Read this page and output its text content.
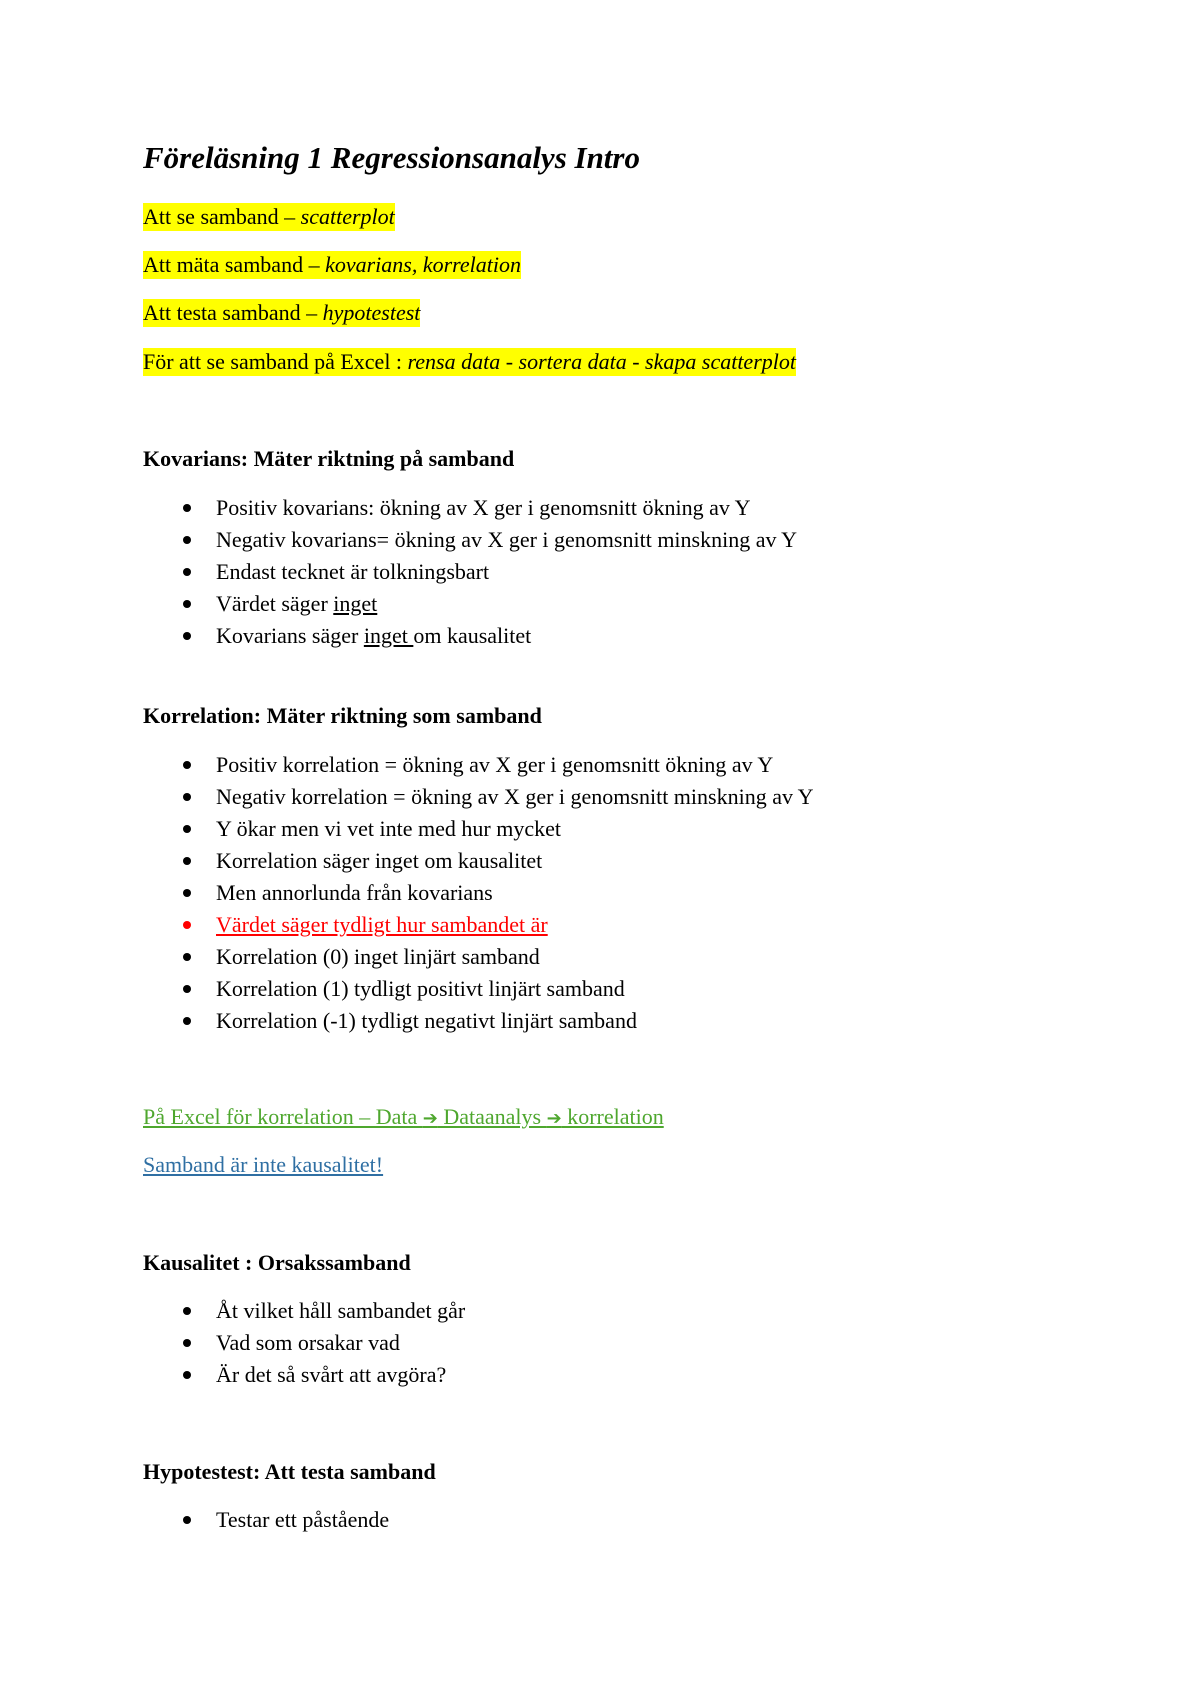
Föreläsning 1 Regressionsanalys Intro
Att se samband – scatterplot
Att mäta samband – kovarians, korrelation
Att testa samband – hypotestest
För att se samband på Excel : rensa data - sortera data - skapa scatterplot
Kovarians: Mäter riktning på samband
Positiv kovarians: ökning av X ger i genomsnitt ökning av Y
Negativ kovarians= ökning av X ger i genomsnitt minskning av Y
Endast tecknet är tolkningsbart
Värdet säger inget
Kovarians säger inget om kausalitet
Korrelation: Mäter riktning som samband
Positiv korrelation = ökning av X ger i genomsnitt ökning av Y
Negativ korrelation = ökning av X ger i genomsnitt minskning av Y
Y ökar men vi vet inte med hur mycket
Korrelation säger inget om kausalitet
Men annorlunda från kovarians
Värdet säger tydligt hur sambandet är
Korrelation (0) inget linjärt samband
Korrelation (1) tydligt positivt linjärt samband
Korrelation (-1) tydligt negativt linjärt samband
På Excel för korrelation – Data ➔ Dataanalys ➔ korrelation
Samband är inte kausalitet!
Kausalitet : Orsakssamband
Åt vilket håll sambandet går
Vad som orsakar vad
Är det så svårt att avgöra?
Hypotestest: Att testa samband
Testar ett påstående
